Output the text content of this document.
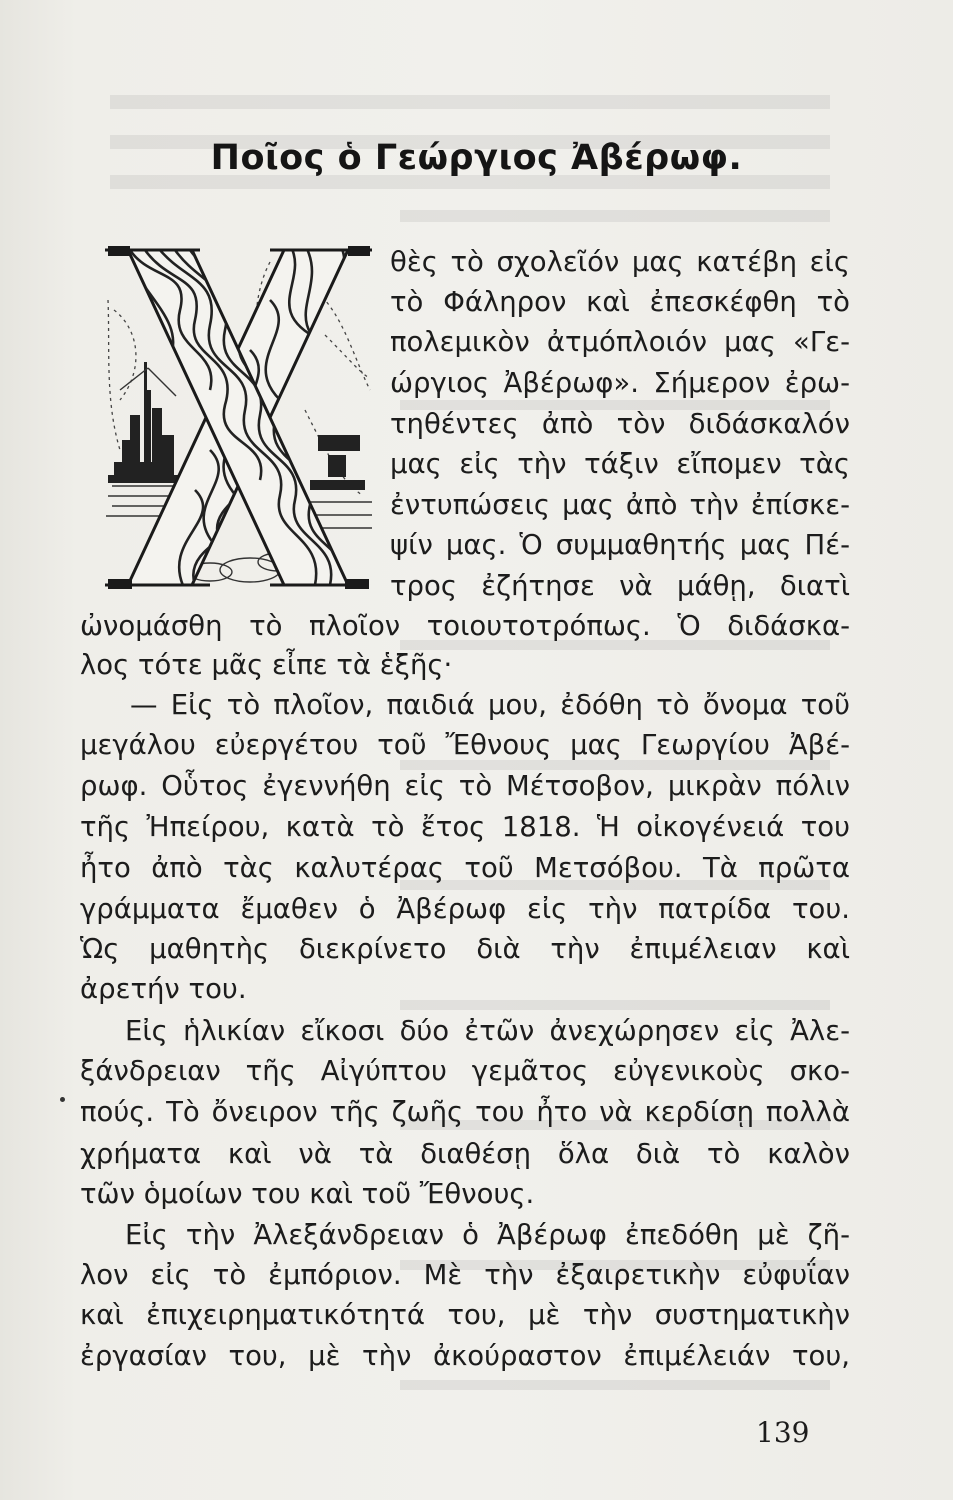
Ποῖος ὁ Γεώργιος Ἀβέρωφ.
θὲς τὸ σχολεῖόν μας κατέβη εἰς
τὸ Φάληρον καὶ ἐπεσκέφθη τὸ
πολεμικὸν ἀτμόπλοιόν μας «Γε-
ώργιος Ἀβέρωφ». Σήμερον ἐρω-
τηθέντες ἀπὸ τὸν διδάσκαλόν
μας εἰς τὴν τάξιν εἴπομεν τὰς
ἐντυπώσεις μας ἀπὸ τὴν ἐπίσκε-
ψίν μας. Ὁ συμμαθητής μας Πέ-
τρος ἐζήτησε νὰ μάθῃ, διατὶ
ὠνομάσθη τὸ πλοῖον τοιουτοτρόπως. Ὁ διδάσκα-
λος τότε μᾶς εἶπε τὰ ἑξῆς·
— Εἰς τὸ πλοῖον, παιδιά μου, ἐδόθη τὸ ὄνομα τοῦ
μεγάλου εὐεργέτου τοῦ Ἔθνους μας Γεωργίου Ἀβέ-
ρωφ. Οὗτος ἐγεννήθη εἰς τὸ Μέτσοβον, μικρὰν πόλιν
τῆς Ἠπείρου, κατὰ τὸ ἔτος 1818. Ἡ οἰκογένειά του
ἦτο ἀπὸ τὰς καλυτέρας τοῦ Μετσόβου. Τὰ πρῶτα
γράμματα ἔμαθεν ὁ Ἀβέρωφ εἰς τὴν πατρίδα του.
Ὡς μαθητὴς διεκρίνετο διὰ τὴν ἐπιμέλειαν καὶ
ἀρετήν του.
Εἰς ἡλικίαν εἴκοσι δύο ἐτῶν ἀνεχώρησεν εἰς Ἀλε-
ξάνδρειαν τῆς Αἰγύπτου γεμᾶτος εὐγενικοὺς σκο-
πούς. Τὸ ὄνειρον τῆς ζωῆς του ἦτο νὰ κερδίσῃ πολλὰ
χρήματα καὶ νὰ τὰ διαθέσῃ ὅλα διὰ τὸ καλὸν
τῶν ὁμοίων του καὶ τοῦ Ἔθνους.
Εἰς τὴν Ἀλεξάνδρειαν ὁ Ἀβέρωφ ἐπεδόθη μὲ ζῆ-
λον εἰς τὸ ἐμπόριον. Μὲ τὴν ἐξαιρετικὴν εὐφυΐαν
καὶ ἐπιχειρηματικότητά του, μὲ τὴν συστηματικὴν
ἐργασίαν του, μὲ τὴν ἀκούραστον ἐπιμέλειάν του,
139
